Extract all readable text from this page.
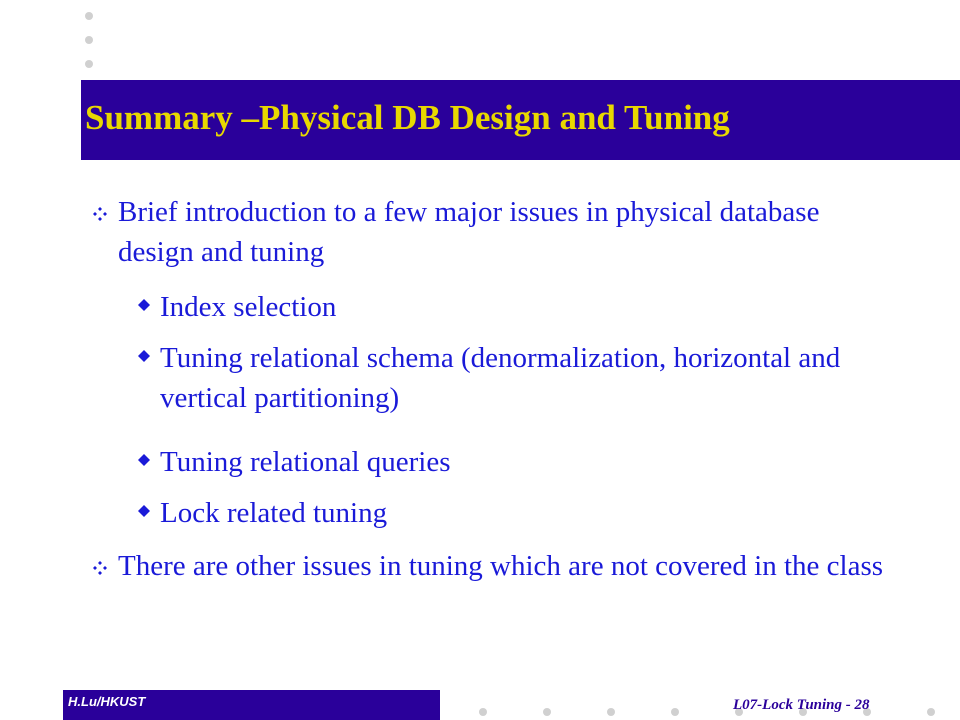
Summary –Physical DB Design and Tuning
Brief introduction to a few major issues in physical database design and tuning
Index selection
Tuning relational schema (denormalization, horizontal and vertical partitioning)
Tuning relational queries
Lock related tuning
There are other issues in tuning which are not covered in the class
H.Lu/HKUST	L07-Lock Tuning - 28
